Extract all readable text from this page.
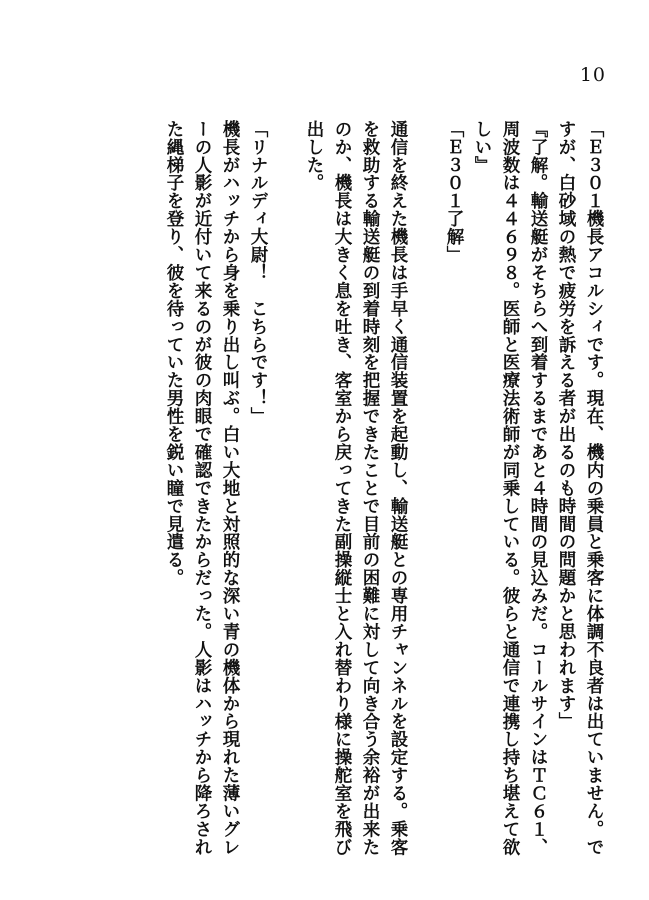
10

「Ｅ３０１機長アコルシィです。現在、機内の乗員と乗客に体調不良者は出ていません。ですが、白砂域の熱で疲労を訴える者が出るのも時間の問題かと思われます」

『了解。輸送艇がそちらへ到着するまであと４時間の見込みだ。コールサインはＴＣ６１、周波数は４４６９８。医師と医療法術師が同乗している。彼らと通信で連携し持ち堪えて欲しい』

「Ｅ３０１了解」

通信を終えた機長は手早く通信装置を起動し、輸送艇との専用チャンネルを設定する。乗客を救助する輸送艇の到着時刻を把握できたことで目前の困難に対して向き合う余裕が出来たのか、機長は大きく息を吐き、客室から戻ってきた副操縦士と入れ替わり様に操舵室を飛び出した。

「リナルディ大尉！　こちらです！」

機長がハッチから身を乗り出し叫ぶ。白い大地と対照的な深い青の機体から現れた薄いグレーの人影が近付いて来るのが彼の肉眼で確認できたからだった。人影はハッチから降ろされた縄梯子を登り、彼を待っていた男性を鋭い瞳で見遣る。
